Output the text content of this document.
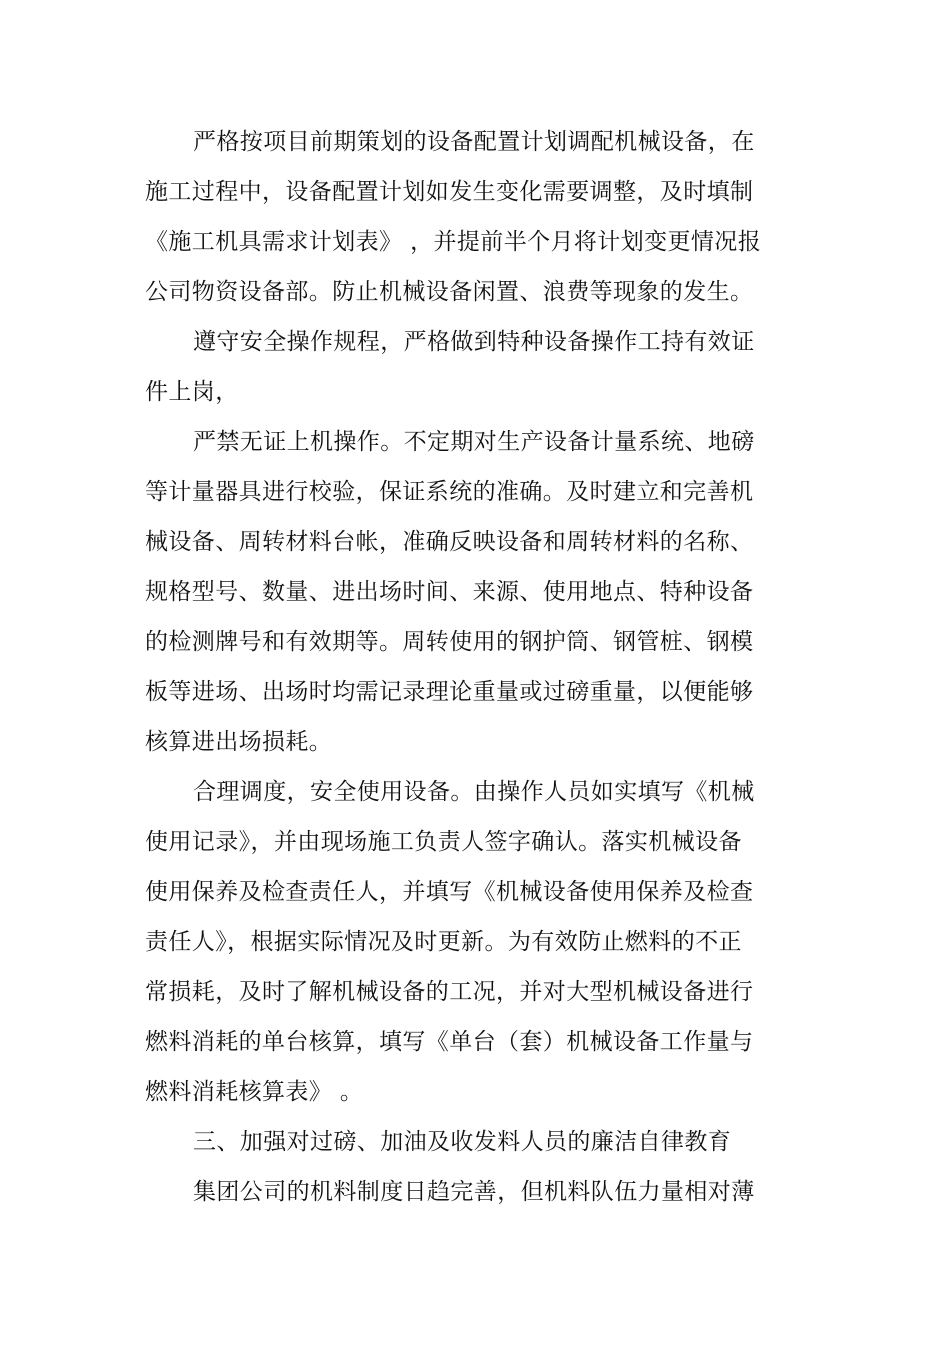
严格按项目前期策划的设备配置计划调配机械设备，在
施工过程中，设备配置计划如发生变化需要调整，及时填制
《施工机具需求计划表》 ，并提前半个月将计划变更情况报
公司物资设备部。防止机械设备闲置、浪费等现象的发生。
遵守安全操作规程，严格做到特种设备操作工持有效证
件上岗，
严禁无证上机操作。不定期对生产设备计量系统、地磅
等计量器具进行校验，保证系统的准确。及时建立和完善机
械设备、周转材料台帐，准确反映设备和周转材料的名称、
规格型号、数量、进出场时间、来源、使用地点、特种设备
的检测牌号和有效期等。周转使用的钢护筒、钢管桩、钢模
板等进场、出场时均需记录理论重量或过磅重量，以便能够
核算进出场损耗。
合理调度，安全使用设备。由操作人员如实填写《机械
使用记录》，并由现场施工负责人签字确认。落实机械设备
使用保养及检查责任人，并填写《机械设备使用保养及检查
责任人》，根据实际情况及时更新。为有效防止燃料的不正
常损耗，及时了解机械设备的工况，并对大型机械设备进行
燃料消耗的单台核算，填写《单台（套）机械设备工作量与
燃料消耗核算表》 。
三、加强对过磅、加油及收发料人员的廉洁自律教育
集团公司的机料制度日趋完善，但机料队伍力量相对薄
